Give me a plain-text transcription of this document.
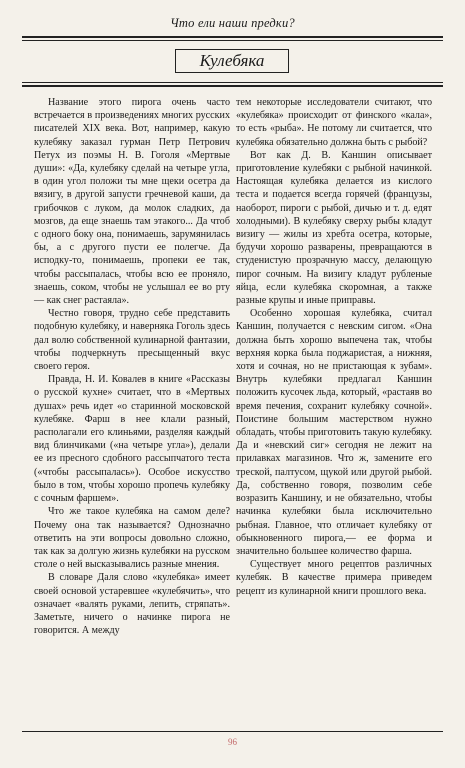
Что ели наши предки?
Кулебяка

Название этого пирога очень часто встречается в произведениях многих русских писателей XIX века. Вот, например, какую кулебяку заказал гурман Петр Петрович Петух из поэмы Н. В. Гоголя «Мертвые души»: «Да, кулебяку сделай на четыре угла, в один угол положи ты мне щеки осетра да вязигу, в другой запусти гречневой каши, да грибочков с луком, да молок сладких, да мозгов, да еще знаешь там этакого... Да чтоб с одного боку она, понимаешь, зарумянилась бы, а с другого пусти ее полегче. Да исподку-то, понимаешь, пропеки ее так, чтобы рассыпалась, чтобы всю ее проняло, знаешь, соком, чтобы не услышал ее во рту — как снег растаяла».

Честно говоря, трудно себе представить подобную кулебяку, и наверняка Гоголь здесь дал волю собственной кулинарной фантазии, чтобы подчеркнуть пресыщенный вкус своего героя.

Правда, Н. И. Ковалев в книге «Рассказы о русской кухне» считает, что в «Мертвых душах» речь идет «о старинной московской кулебяке. Фарш в нее клали разный, располагали его клиньями, разделяя каждый вид блинчиками («на четыре угла»), делали ее из пресного сдобного рассыпчатого теста («чтобы рассыпалась»). Особое искусство было в том, чтобы хорошо пропечь кулебяку с сочным фаршем».

Что же такое кулебяка на самом деле? Почему она так называется? Однозначно ответить на эти вопросы довольно сложно, так как за долгую жизнь кулебяки на русском столе о ней высказывались разные мнения.

В словаре Даля слово «кулебяка» имеет своей основой устаревшее «кулебячить», что означает «валять руками, лепить, стряпать». Заметьте, ничего о начинке пирога не говорится. А между

тем некоторые исследователи считают, что «кулебяка» происходит от финского «кала», то есть «рыба». Не потому ли считается, что кулебяка обязательно должна быть с рыбой?

Вот как Д. В. Каншин описывает приготовление кулебяки с рыбной начинкой. Настоящая кулебяка делается из кислого теста и подается всегда горячей (французы, наоборот, пироги с рыбой, дичью и т. д. едят холодными). В кулебяку сверху рыбы кладут визигу — жилы из хребта осетра, которые, будучи хорошо разварены, превращаются в студенистую прозрачную массу, делающую пирог сочным. На визигу кладут рубленые яйца, если кулебяка скоромная, а также разные крупы и иные приправы.

Особенно хорошая кулебяка, считал Каншин, получается с невским сигом. «Она должна быть хорошо выпечена так, чтобы верхняя корка была поджаристая, а нижняя, хотя и сочная, но не пристающая к зубам». Внутрь кулебяки предлагал Каншин положить кусочек льда, который, «растаяв во время печения, сохранит кулебяку сочной». Поистине большим мастерством нужно обладать, чтобы приготовить такую кулебяку. Да и «невский сиг» сегодня не лежит на прилавках магазинов. Что ж, замените его треской, палтусом, щукой или другой рыбой. Да, собственно говоря, позволим себе возразить Каншину, и не обязательно, чтобы начинка кулебяки была исключительно рыбная. Главное, что отличает кулебяку от обыкновенного пирога,— ее форма и значительно большее количество фарша.

Существует много рецептов различных кулебяк. В качестве примера приведем рецепт из кулинарной книги прошлого века.

96
